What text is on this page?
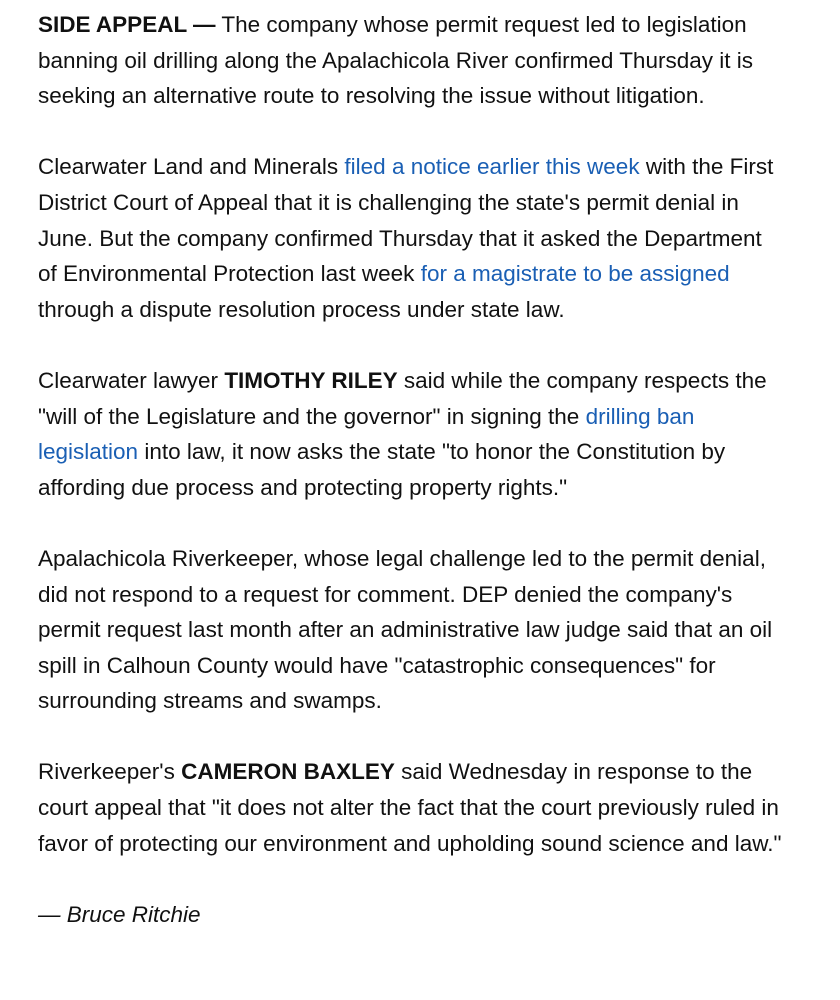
SIDE APPEAL — The company whose permit request led to legislation banning oil drilling along the Apalachicola River confirmed Thursday it is seeking an alternative route to resolving the issue without litigation.

Clearwater Land and Minerals filed a notice earlier this week with the First District Court of Appeal that it is challenging the state's permit denial in June. But the company confirmed Thursday that it asked the Department of Environmental Protection last week for a magistrate to be assigned through a dispute resolution process under state law.

Clearwater lawyer TIMOTHY RILEY said while the company respects the "will of the Legislature and the governor" in signing the drilling ban legislation into law, it now asks the state "to honor the Constitution by affording due process and protecting property rights."

Apalachicola Riverkeeper, whose legal challenge led to the permit denial, did not respond to a request for comment. DEP denied the company's permit request last month after an administrative law judge said that an oil spill in Calhoun County would have "catastrophic consequences" for surrounding streams and swamps.

Riverkeeper's CAMERON BAXLEY said Wednesday in response to the court appeal that "it does not alter the fact that the court previously ruled in favor of protecting our environment and upholding sound science and law."

— Bruce Ritchie
